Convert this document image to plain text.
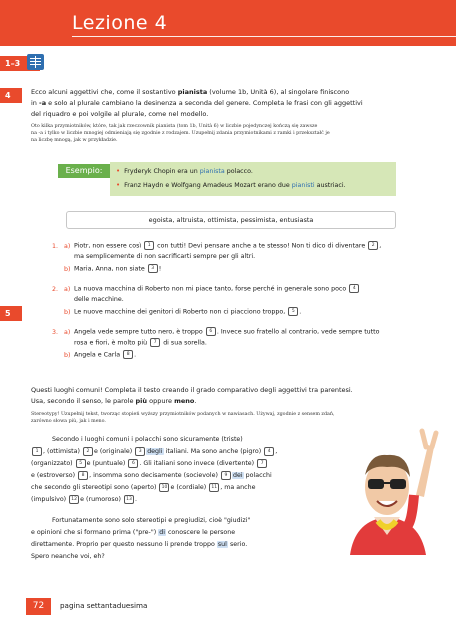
Lezione 4
1–3
4
5
Ecco alcuni aggettivi che, come il sostantivo pianista (volume 1b, Unità 6), al singolare finiscono
in -a e solo al plurale cambiano la desinenza a seconda del genere. Completa le frasi con gli aggettivi
del riquadro e poi volgile al plurale, come nel modello.
Oto kilka przymiotników, które, tak jak rzeczownik pianista (tom 1b, Unità 6) w liczbie pojedynczej kończą się zawsze
na -a i tylko w liczbie mnogiej odmieniają się zgodnie z rodzajem. Uzupełnij zdania przymiotnikami z ramki i przekształć je
na liczbę mnogą, jak w przykładzie.
Esempio:	• Fryderyk Chopin era un pianista polacco.
• Franz Haydn e Wolfgang Amadeus Mozart erano due pianisti austriaci.
egoista, altruista, ottimista, pessimista, entusiasta
1. a) Piotr, non essere così 1 con tutti! Devi pensare anche a te stesso! Non ti dico di diventare 2 ,
ma semplicemente di non sacrificarti sempre per gli altri.
b) Maria, Anna, non siate 3 !
2. a) La nuova macchina di Roberto non mi piace tanto, forse perché in generale sono poco 4
delle macchine.
b) Le nuove macchine dei genitori di Roberto non ci piacciono troppo, 5 .
3. a) Angela vede sempre tutto nero, è troppo 6 . Invece suo fratello al contrario, vede sempre tutto
rosa e fiori, è molto più 7 di sua sorella.
b) Angela e Carla 8 .
Questi luoghi comuni! Completa il testo creando il grado comparativo degli aggettivi tra parentesi.
Usa, secondo il senso, le parole più oppure meno.
Stereotypy! Uzupełnij tekst, tworząc stopień wyższy przymiotników podanych w nawiasach. Używaj, zgodnie z sensem zdań,
zarówno słowa più, jak i meno.
Secondo i luoghi comuni i polacchi sono sicuramente (triste)
1 , (ottimista) 2 e (originale) 3 degli italiani. Ma sono anche (pigro) 4 ,
(organizzato) 5 e (puntuale) 6 . Gli italiani sono invece (divertente) 7
e (estroverso) 8 , insomma sono decisamente (socievole) 9 dei polacchi
che secondo gli stereotipi sono (aperto) 10 e (cordiale) 11 , ma anche
(impulsivo) 12 e (rumoroso) 13 .
Fortunatamente sono solo stereotipi e pregiudizi, cioè "giudizi"
e opinioni che si formano prima ("pre-") di conoscere le persone
direttamente. Proprio per questo nessuno li prende troppo sul serio.
Spero neanche voi, eh?
72	pagina settantaduesima
